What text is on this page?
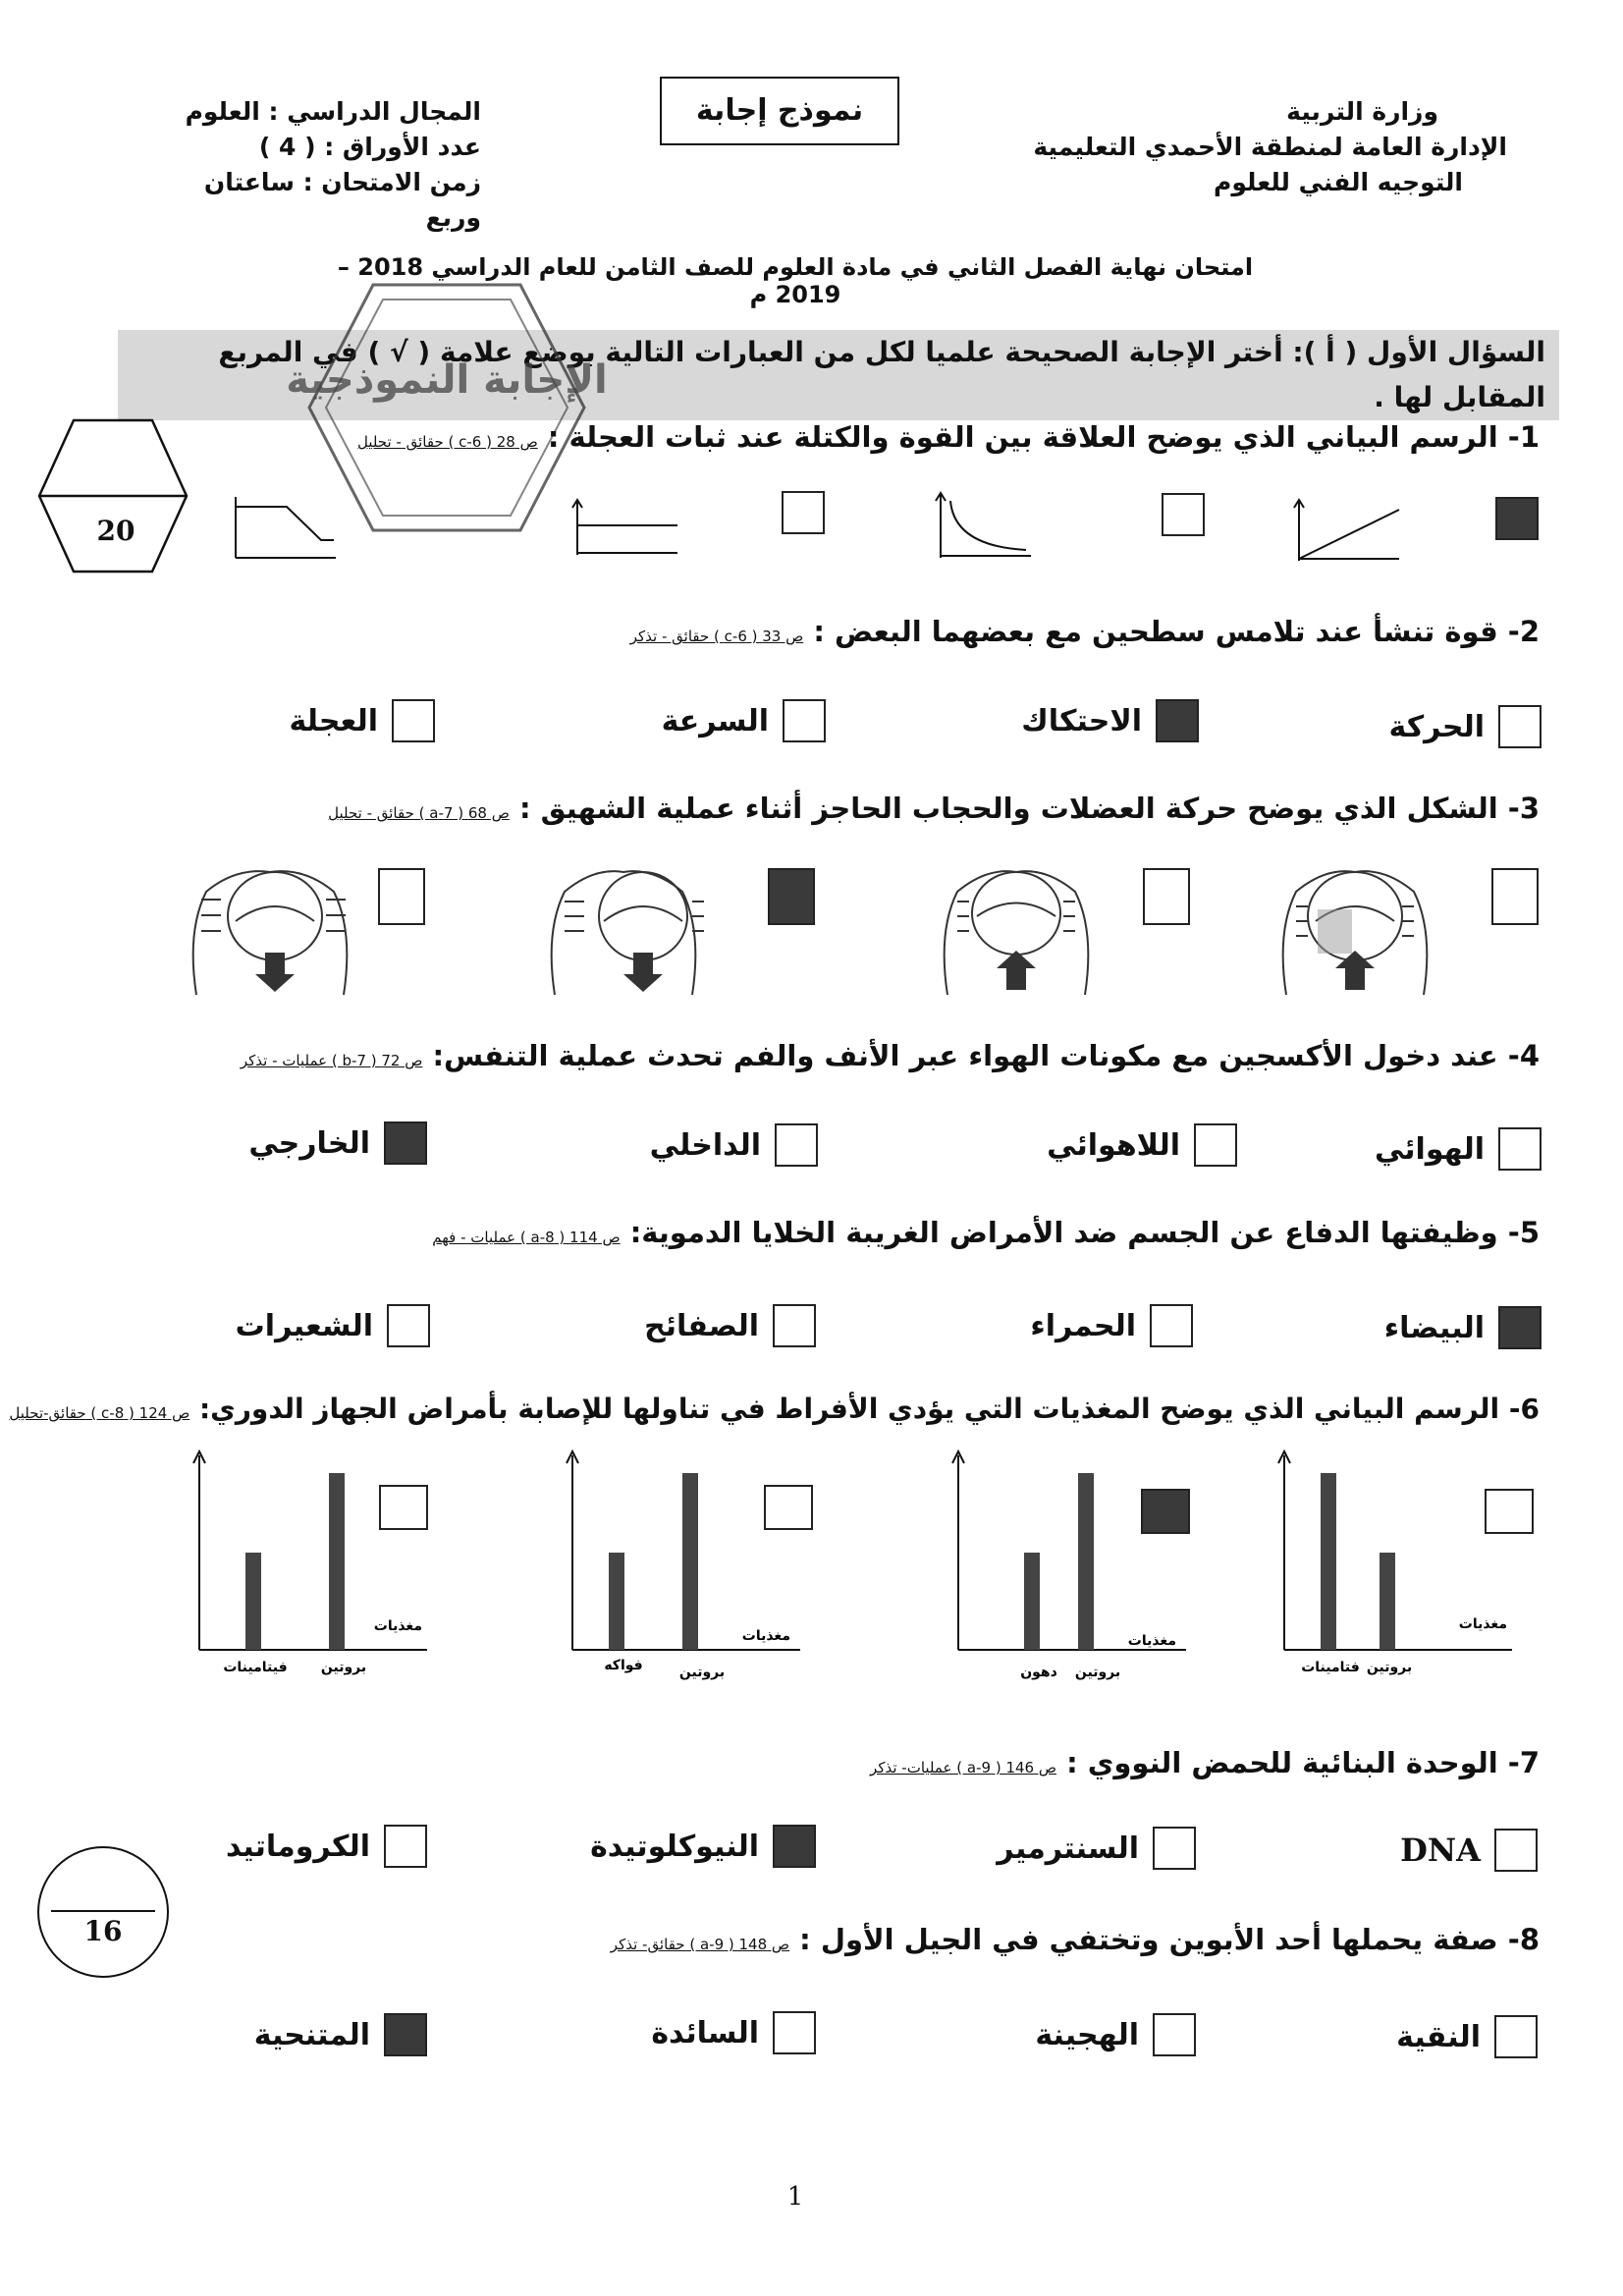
وزارة التربية
الإدارة العامة لمنطقة الأحمدي التعليمية
التوجيه الفني للعلوم
نموذج إجابة
المجال الدراسي : العلوم
عدد الأوراق : ( 4 )
زمن الامتحان : ساعتان وربع
امتحان نهاية الفصل الثاني في مادة العلوم للصف الثامن للعام الدراسي 2018 – 2019 م
السؤال الأول ( أ ): أختر الإجابة الصحيحة علميا لكل من العبارات التالية بوضع علامة ( √ ) في المربع المقابل لها .
الإجابة النموذجية
20
1- الرسم البياني الذي يوضح العلاقة بين القوة والكتلة عند ثبات العجلة : ص 28 ( 6-c ) حقائق - تحليل
2- قوة تنشأ عند تلامس سطحين مع بعضهما البعض : ص 33 ( 6-c ) حقائق - تذكر
الحركة
الاحتكاك
السرعة
العجلة
3- الشكل الذي يوضح حركة العضلات والحجاب الحاجز أثناء عملية الشهيق : ص 68 ( 7-a ) حقائق - تحليل
4- عند دخول الأكسجين مع مكونات الهواء عبر الأنف والفم تحدث عملية التنفس: ص 72 ( 7-b ) عمليات - تذكر
الهوائي
اللاهوائي
الداخلي
الخارجي
5- وظيفتها الدفاع عن الجسم ضد الأمراض الغريبة الخلايا الدموية: ص 114 ( 8-a ) عمليات - فهم
البيضاء
الحمراء
الصفائح
الشعيرات
6- الرسم البياني الذي يوضح المغذيات التي يؤدي الأفراط في تناولها للإصابة بأمراض الجهاز الدوري: ص 124 ( 8-c ) حقائق-تحليل
مغذيات
فتامينات بروتين
مغذيات
بروتين
دهون
مغذيات
بروتين
فواكه
مغذيات
بروتين
فيتامينات
7- الوحدة البنائية للحمض النووي : ص 146 ( 9-a ) عمليات- تذكر
DNA
السنترمير
النيوكلوتيدة
الكروماتيد
16	8- صفة يحملها أحد الأبوين وتختفي في الجيل الأول : ص 148 ( 9-a ) حقائق- تذكر
النقية
الهجينة
السائدة
المتنحية
1
